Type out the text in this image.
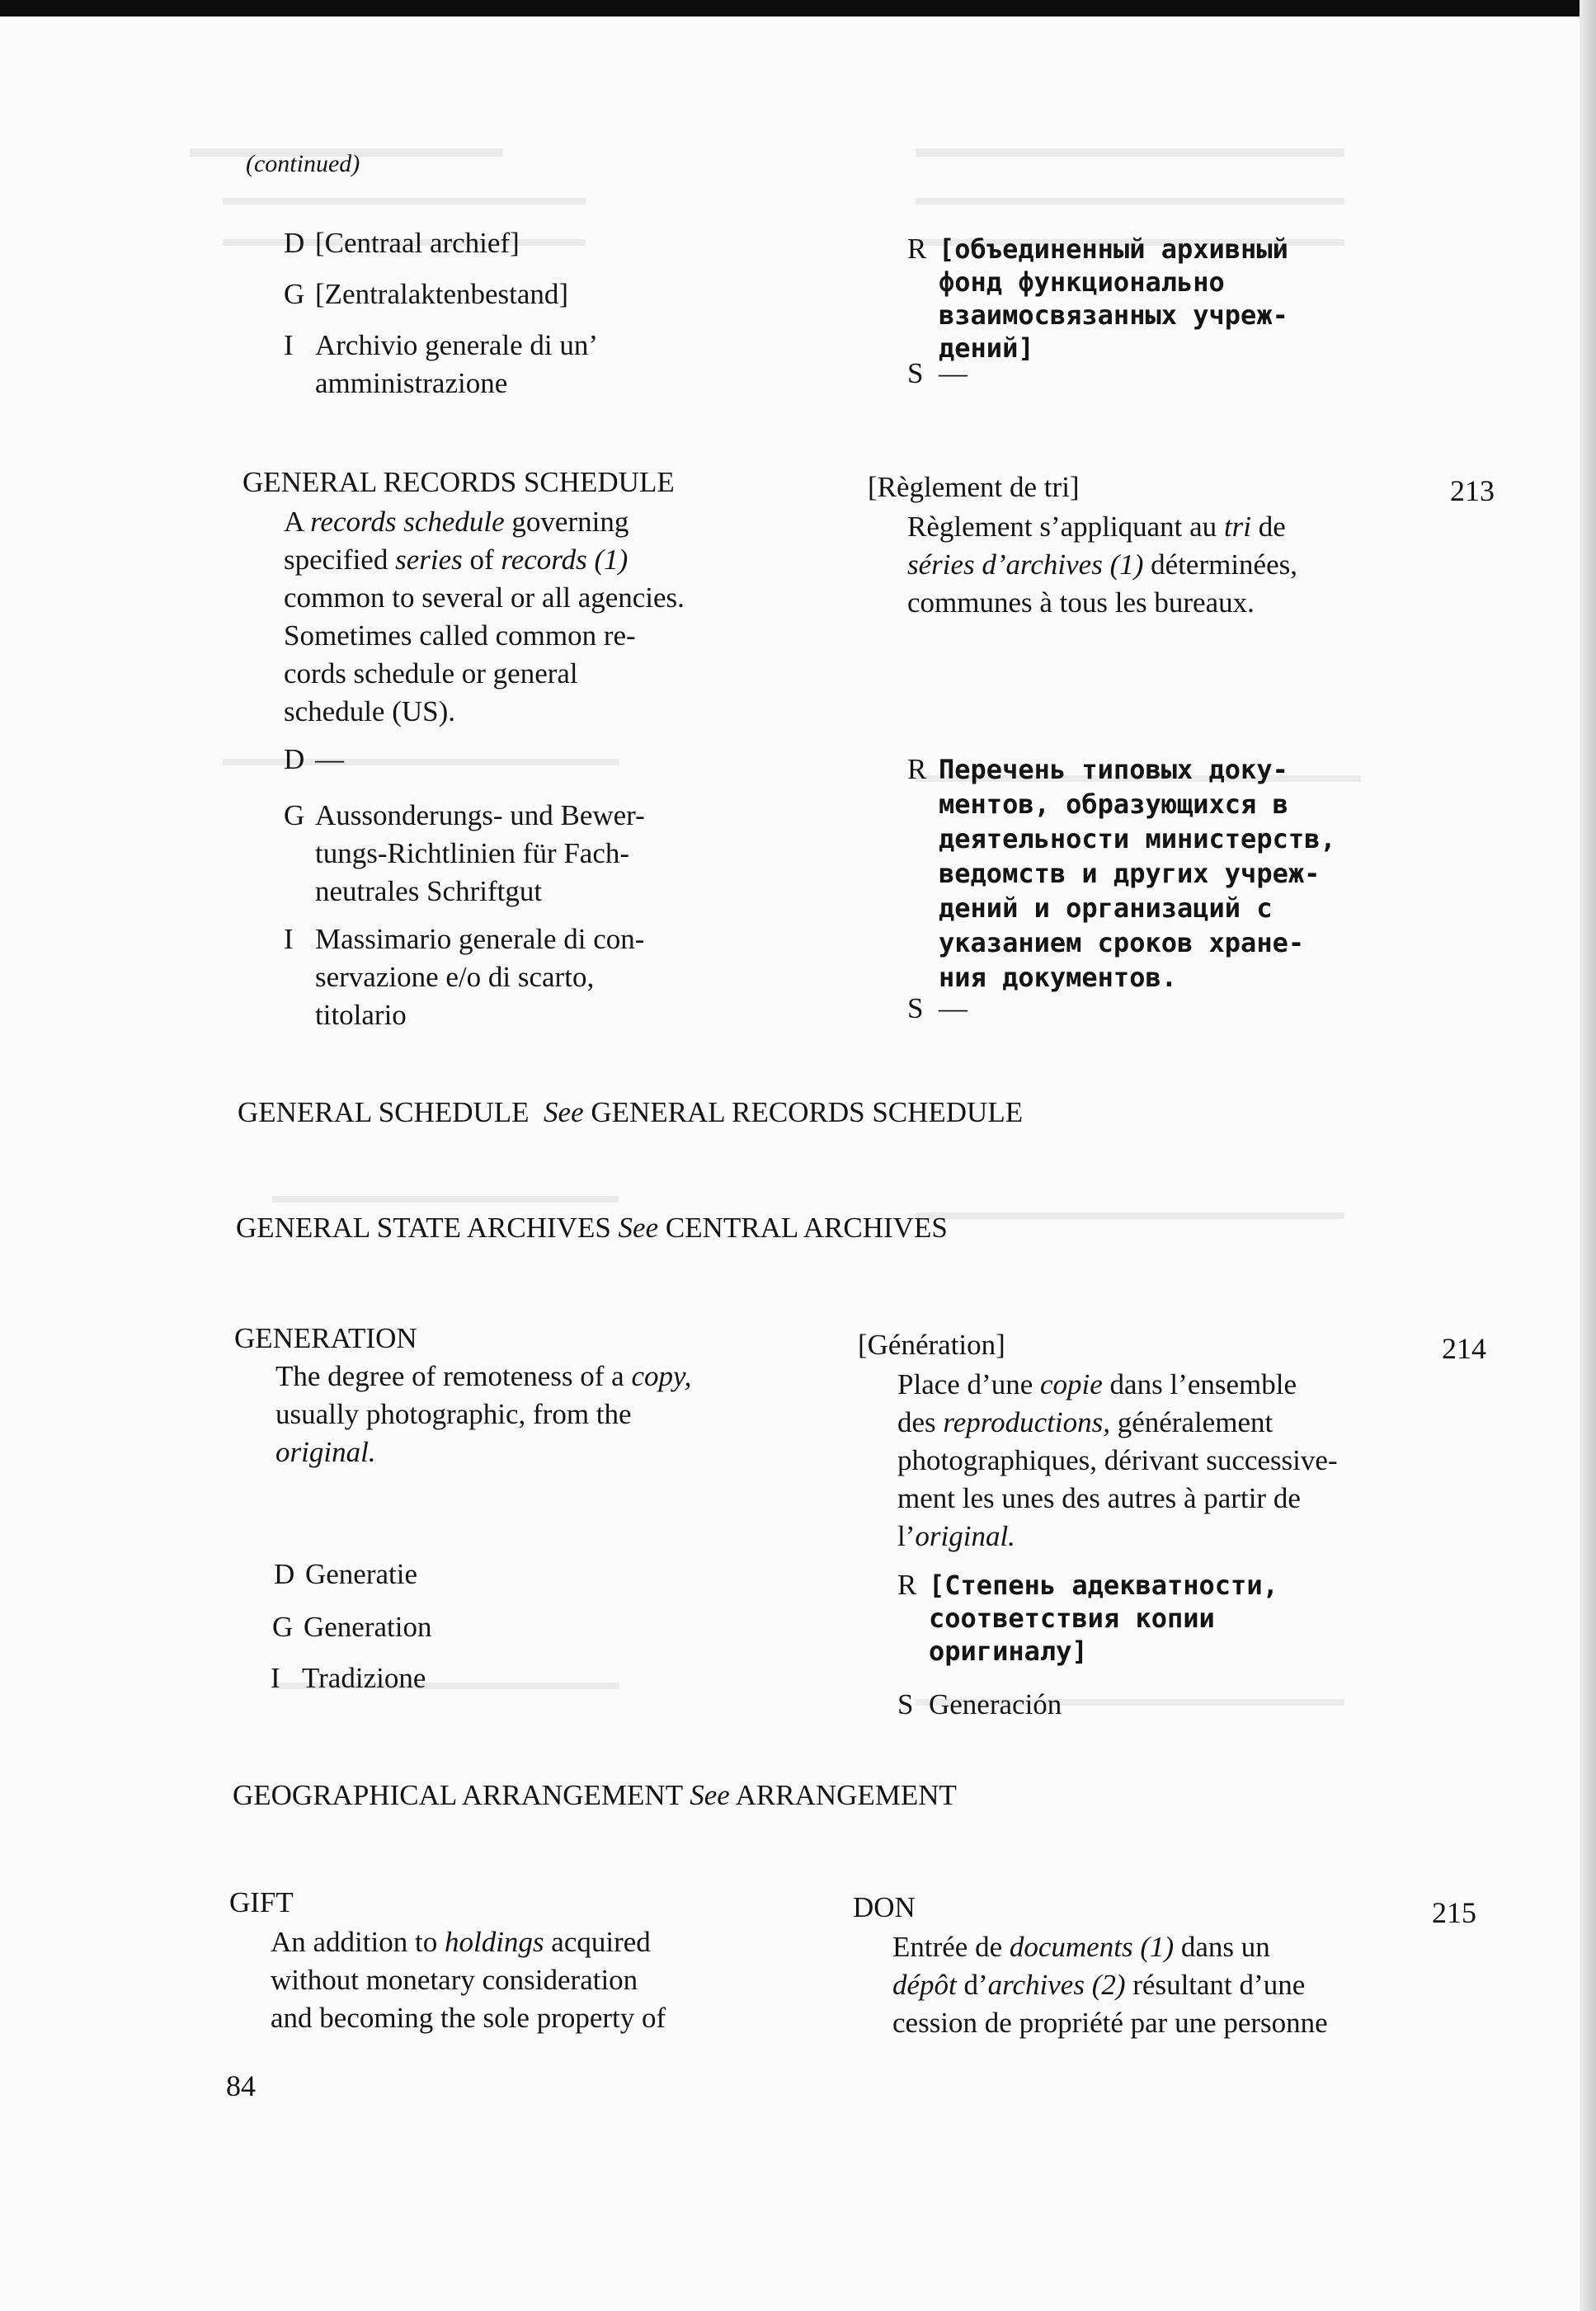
(continued)
D [Centraal archief]
G [Zentralaktenbestand]
I Archivio generale di un’
amministrazione
R [объединенный архивный
фонд функционально
взаимосвязанных учреж-
дений]
S —
GENERAL RECORDS SCHEDULE
A records schedule governing
specified series of records (1)
common to several or all agencies.
Sometimes called common re-
cords schedule or general
schedule (US).
[Règlement de tri]
Règlement s’appliquant au tri de
séries d’archives (1) déterminées,
communes à tous les bureaux.
213
D —
G Aussonderungs- und Bewer-
tungs-Richtlinien für Fach-
neutrales Schriftgut
I Massimario generale di con-
servazione e/o di scarto,
titolario
R Перечень типовых доку-
ментов, образующихся в
деятельности министерств,
ведомств и других учреж-
дений и организаций с
указанием сроков хране-
ния документов.
S —
GENERAL SCHEDULE See GENERAL RECORDS SCHEDULE
GENERAL STATE ARCHIVES See CENTRAL ARCHIVES
GENERATION
The degree of remoteness of a copy,
usually photographic, from the
original.
[Génération]
Place d’une copie dans l’ensemble
des reproductions, généralement
photographiques, dérivant successive-
ment les unes des autres à partir de
l’original.
214
D Generatie
G Generation
I Tradizione
R [Степень адекватности,
соответствия копии
оригиналу]
S Generación
GEOGRAPHICAL ARRANGEMENT See ARRANGEMENT
GIFT
An addition to holdings acquired
without monetary consideration
and becoming the sole property of
DON
Entrée de documents (1) dans un
dépôt d’archives (2) résultant d’une
cession de propriété par une personne
215
84
